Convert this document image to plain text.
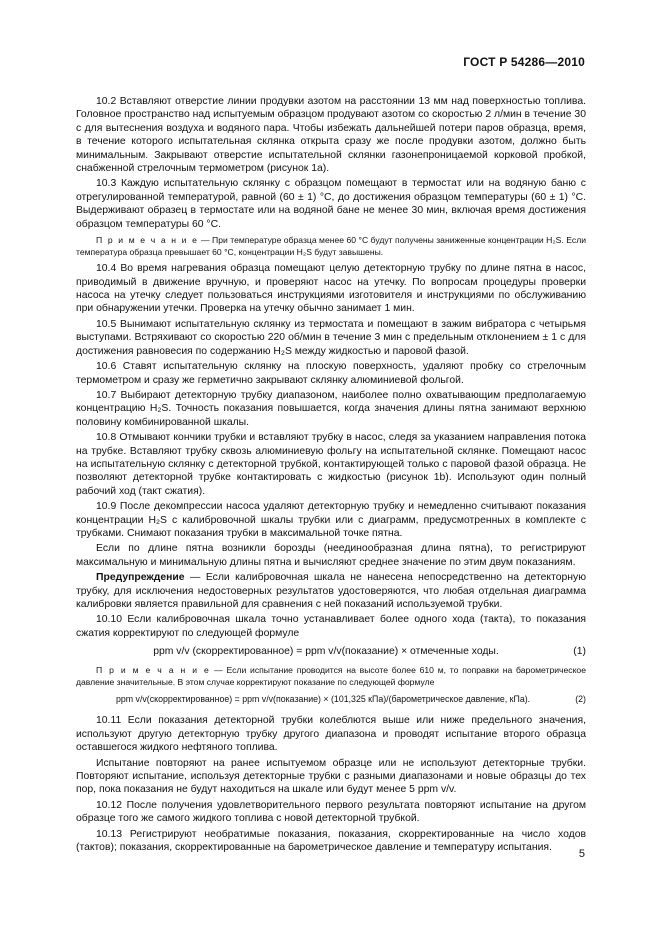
ГОСТ Р 54286—2010

10.2 Вставляют отверстие линии продувки азотом на расстоянии 13 мм над поверхностью топлива. Головное пространство над испытуемым образцом продувают азотом со скоростью 2 л/мин в течение 30 с для вытеснения воздуха и водяного пара. Чтобы избежать дальнейшей потери паров образца, время, в течение которого испытательная склянка открыта сразу же после продувки азотом, должно быть минимальным. Закрывают отверстие испытательной склянки газонепроницаемой корковой пробкой, снабженной стрелочным термометром (рисунок 1а).

10.3 Каждую испытательную склянку с образцом помещают в термостат или на водяную баню с отрегулированной температурой, равной (60 ± 1) °С, до достижения образцом температуры (60 ± 1) °С. Выдерживают образец в термостате или на водяной бане не менее 30 мин, включая время достижения образцом температуры 60 °С.

П р и м е ч а н и е — При температуре образца менее 60 °С будут получены заниженные концентрации H₂S. Если температура образца превышает 60 °С, концентрации H₂S будут завышены.

10.4 Во время нагревания образца помещают целую детекторную трубку по длине пятна в насос, приводимый в движение вручную, и проверяют насос на утечку. По вопросам процедуры проверки насоса на утечку следует пользоваться инструкциями изготовителя и инструкциями по обслуживанию при обнаружении утечки. Проверка на утечку обычно занимает 1 мин.

10.5 Вынимают испытательную склянку из термостата и помещают в зажим вибратора с четырьмя выступами. Встряхивают со скоростью 220 об/мин в течение 3 мин с предельным отклонением ± 1 с для достижения равновесия по содержанию H₂S между жидкостью и паровой фазой.

10.6 Ставят испытательную склянку на плоскую поверхность, удаляют пробку со стрелочным термометром и сразу же герметично закрывают склянку алюминиевой фольгой.

10.7 Выбирают детекторную трубку диапазоном, наиболее полно охватывающим предполагаемую концентрацию H₂S. Точность показания повышается, когда значения длины пятна занимают верхнюю половину комбинированной шкалы.

10.8 Отмывают кончики трубки и вставляют трубку в насос, следя за указанием направления потока на трубке. Вставляют трубку сквозь алюминиевую фольгу на испытательной склянке. Помещают насос на испытательную склянку с детекторной трубкой, контактирующей только с паровой фазой образца. Не позволяют детекторной трубке контактировать с жидкостью (рисунок 1b). Используют один полный рабочий ход (такт сжатия).

10.9 После декомпрессии насоса удаляют детекторную трубку и немедленно считывают показания концентрации H₂S с калибровочной шкалы трубки или с диаграмм, предусмотренных в комплекте с трубками. Снимают показания трубки в максимальной точке пятна.

Если по длине пятна возникли борозды (неединообразная длина пятна), то регистрируют максимальную и минимальную длины пятна и вычисляют среднее значение по этим двум показаниям.

Предупреждение — Если калибровочная шкала не нанесена непосредственно на детекторную трубку, для исключения недостоверных результатов удостоверяются, что любая отдельная диаграмма калибровки является правильной для сравнения с ней показаний используемой трубки.

10.10 Если калибровочная шкала точно устанавливает более одного хода (такта), то показания сжатия корректируют по следующей формуле

ppm v/v (скорректированное) = ppm v/v(показание) × отмеченные ходы.	(1)

П р и м е ч а н и е — Если испытание проводится на высоте более 610 м, то поправки на барометрическое давление значительные. В этом случае корректируют показание по следующей формуле

ppm v/v(скорректированное) = ppm v/v(показание) × (101,325 кПа)/(барометрическое давление, кПа).	(2)

10.11 Если показания детекторной трубки колеблются выше или ниже предельного значения, используют другую детекторную трубку другого диапазона и проводят испытание второго образца оставшегося жидкого нефтяного топлива.

Испытание повторяют на ранее испытуемом образце или не используют детекторные трубки. Повторяют испытание, используя детекторные трубки с разными диапазонами и новые образцы до тех пор, пока показания не будут находиться на шкале или будут менее 5 ppm v/v.

10.12 После получения удовлетворительного первого результата повторяют испытание на другом образце того же самого жидкого топлива с новой детекторной трубкой.

10.13 Регистрируют необратимые показания, показания, скорректированные на число ходов (тактов); показания, скорректированные на барометрическое давление и температуру испытания.

5
